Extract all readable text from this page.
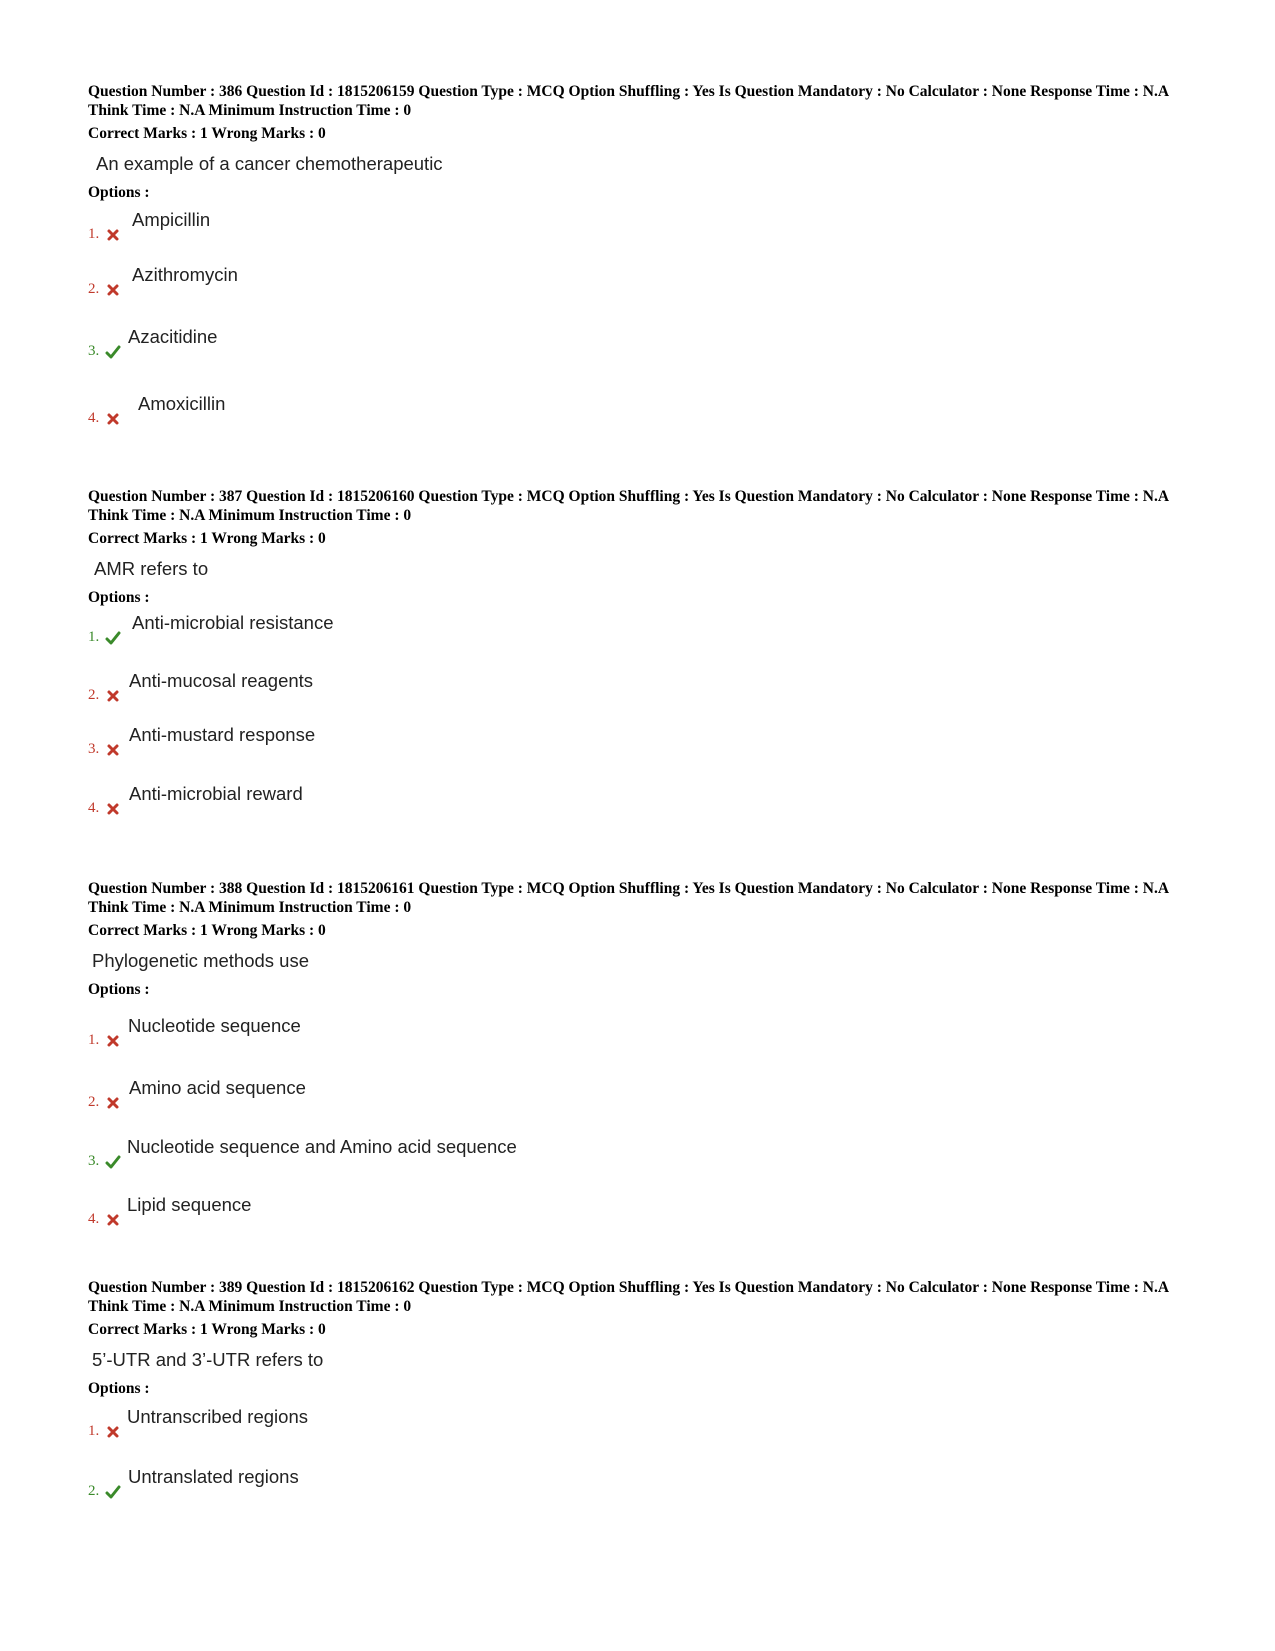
Question Number : 386 Question Id : 1815206159 Question Type : MCQ Option Shuffling : Yes Is Question Mandatory : No Calculator : None Response Time : N.A Think Time : N.A Minimum Instruction Time : 0

Correct Marks : 1 Wrong Marks : 0
An example of a cancer chemotherapeutic
Options :
1.
Ampicillin
2.
Azithromycin
3.
Azacitidine
4.
Amoxicillin

Question Number : 387 Question Id : 1815206160 Question Type : MCQ Option Shuffling : Yes Is Question Mandatory : No Calculator : None Response Time : N.A Think Time : N.A Minimum Instruction Time : 0

Correct Marks : 1 Wrong Marks : 0
AMR refers to
Options :
1.
Anti-microbial resistance
2.
Anti-mucosal reagents
3.
Anti-mustard response
4.
Anti-microbial reward

Question Number : 388 Question Id : 1815206161 Question Type : MCQ Option Shuffling : Yes Is Question Mandatory : No Calculator : None Response Time : N.A Think Time : N.A Minimum Instruction Time : 0

Correct Marks : 1 Wrong Marks : 0
Phylogenetic methods use
Options :
1.
Nucleotide sequence
2.
Amino acid sequence
3.
Nucleotide sequence and Amino acid sequence
4.
Lipid sequence

Question Number : 389 Question Id : 1815206162 Question Type : MCQ Option Shuffling : Yes Is Question Mandatory : No Calculator : None Response Time : N.A Think Time : N.A Minimum Instruction Time : 0

Correct Marks : 1 Wrong Marks : 0
5’-UTR and 3’-UTR refers to
Options :
1.
Untranscribed regions
2.
Untranslated regions
